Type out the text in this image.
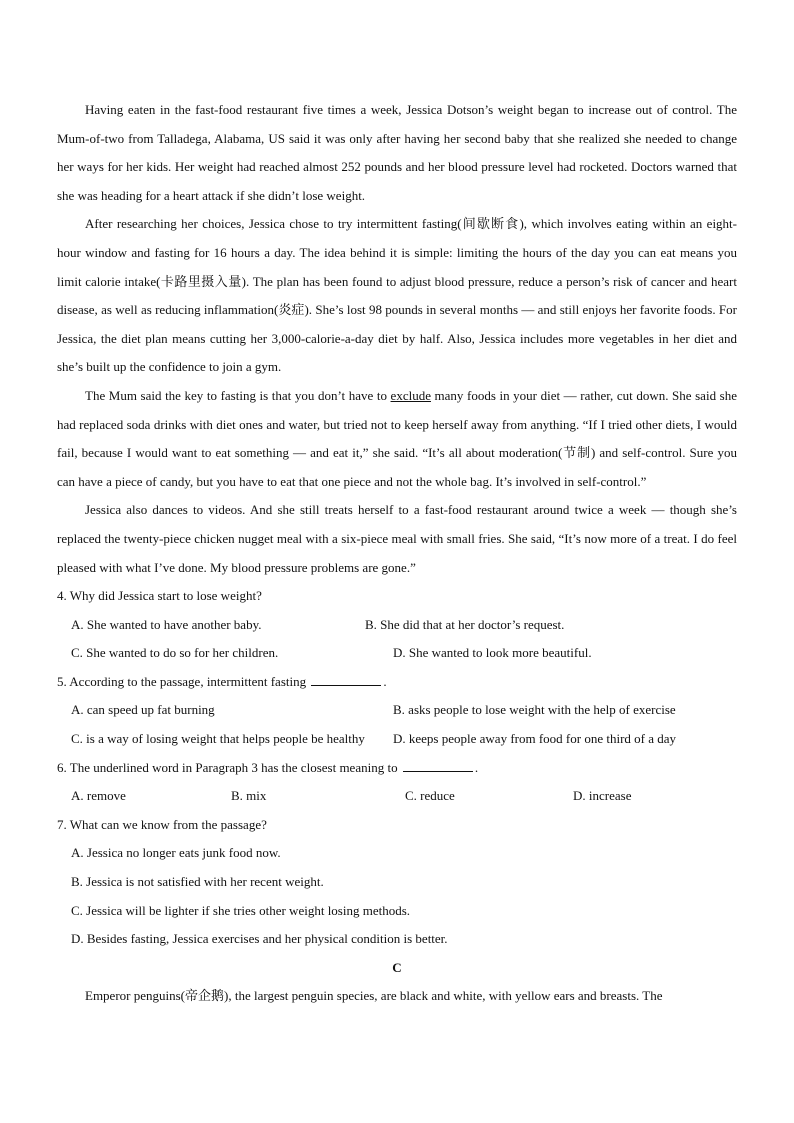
Having eaten in the fast-food restaurant five times a week, Jessica Dotson’s weight began to increase out of control. The Mum-of-two from Talladega, Alabama, US said it was only after having her second baby that she realized she needed to change her ways for her kids. Her weight had reached almost 252 pounds and her blood pressure level had rocketed. Doctors warned that she was heading for a heart attack if she didn’t lose weight.

After researching her choices, Jessica chose to try intermittent fasting(间歇断食), which involves eating within an eight-hour window and fasting for 16 hours a day. The idea behind it is simple: limiting the hours of the day you can eat means you limit calorie intake(卡路里摄入量). The plan has been found to adjust blood pressure, reduce a person’s risk of cancer and heart disease, as well as reducing inflammation(炎症). She’s lost 98 pounds in several months — and still enjoys her favorite foods. For Jessica, the diet plan means cutting her 3,000-calorie-a-day diet by half. Also, Jessica includes more vegetables in her diet and she’s built up the confidence to join a gym.

The Mum said the key to fasting is that you don’t have to exclude many foods in your diet — rather, cut down. She said she had replaced soda drinks with diet ones and water, but tried not to keep herself away from anything. “If I tried other diets, I would fail, because I would want to eat something — and eat it,” she said. “It’s all about moderation(节制) and self-control. Sure you can have a piece of candy, but you have to eat that one piece and not the whole bag. It’s involved in self-control.”

Jessica also dances to videos. And she still treats herself to a fast-food restaurant around twice a week — though she’s replaced the twenty-piece chicken nugget meal with a six-piece meal with small fries. She said, “It’s now more of a treat. I do feel pleased with what I’ve done. My blood pressure problems are gone.”

4. Why did Jessica start to lose weight?

A. She wanted to have another baby.	B. She did that at her doctor’s request.
C. She wanted to do so for her children.	D. She wanted to look more beautiful.

5. According to the passage, intermittent fasting	.

A. can speed up fat burning	B. asks people to lose weight with the help of exercise
C. is a way of losing weight that helps people be healthy	D. keeps people away from food for one third of a day

6. The underlined word in Paragraph 3 has the closest meaning to	.

A. remove	B. mix	C. reduce	D. increase

7. What can we know from the passage?

A. Jessica no longer eats junk food now.
B. Jessica is not satisfied with her recent weight.
C. Jessica will be lighter if she tries other weight losing methods.
D. Besides fasting, Jessica exercises and her physical condition is better.

C

Emperor penguins(帝企鹅), the largest penguin species, are black and white, with yellow ears and breasts. The
